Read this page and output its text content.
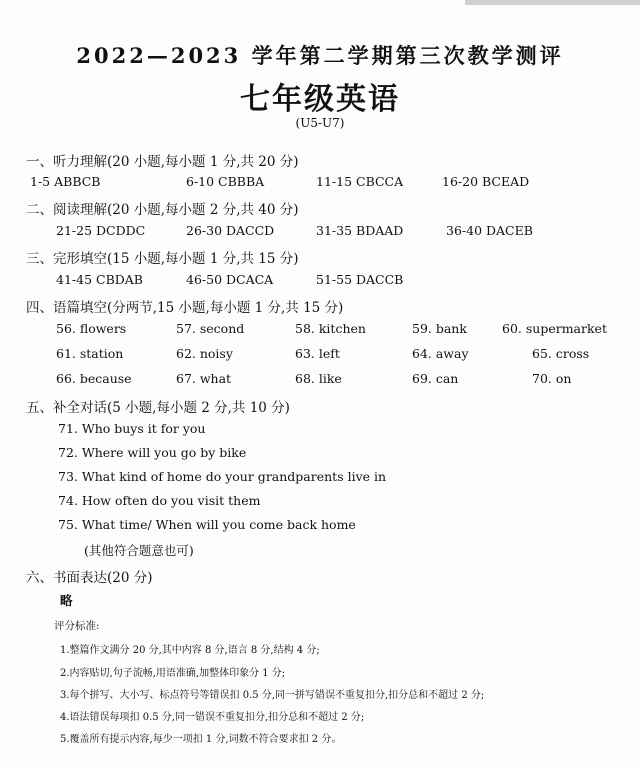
2022—2023 学年第二学期第三次教学测评
七年级英语
(U5-U7)
一、听力理解(20 小题,每小题 1 分,共 20 分)
1-5 ABBCB	6-10 CBBBA	11-15 CBCCA	16-20 BCEAD
二、阅读理解(20 小题,每小题 2 分,共 40 分)
21-25 DCDDC	26-30 DACCD	31-35 BDAAD	36-40 DACEB
三、完形填空(15 小题,每小题 1 分,共 15 分)
41-45 CBDAB	46-50 DCACA	51-55 DACCB
四、语篇填空(分两节,15 小题,每小题 1 分,共 15 分)
56. flowers	57. second	58. kitchen	59. bank	60. supermarket
61. station	62. noisy	63. left	64. away	65. cross
66. because	67. what	68. like	69. can	70. on
五、补全对话(5 小题,每小题 2 分,共 10 分)
71. Who buys it for you
72. Where will you go by bike
73. What kind of home do your grandparents live in
74. How often do you visit them
75. What time/ When will you come back home
(其他符合题意也可)
六、书面表达(20 分)
略
评分标准:
1.整篇作文满分 20 分,其中内容 8 分,语言 8 分,结构 4 分;
2.内容贴切,句子流畅,用语准确,加整体印象分 1 分;
3.每个拼写、大小写、标点符号等错误扣 0.5 分,同一拼写错误不重复扣分,扣分总和不超过 2 分;
4.语法错误每项扣 0.5 分,同一错误不重复扣分,扣分总和不超过 2 分;
5.覆盖所有提示内容,每少一项扣 1 分,词数不符合要求扣 2 分。
